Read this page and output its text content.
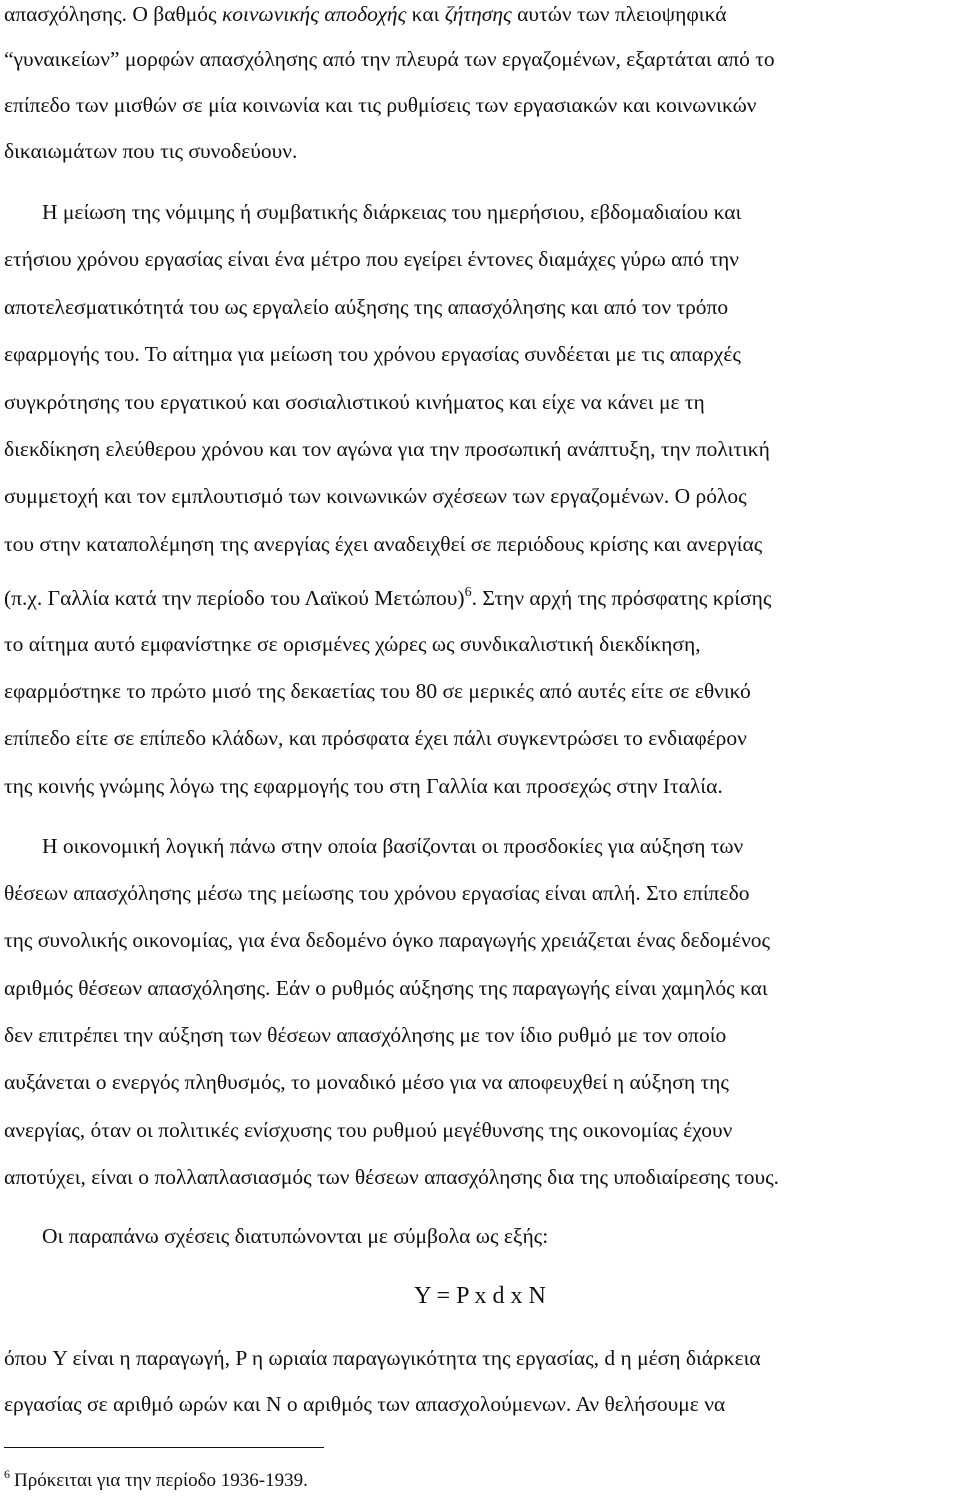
απασχόλησης. Ο βαθμός κοινωνικής αποδοχής και ζήτησης αυτών των πλειοψηφικά
“γυναικείων” μορφών απασχόλησης από την πλευρά των εργαζομένων, εξαρτάται από το
επίπεδο των μισθών σε μία κοινωνία και τις ρυθμίσεις των εργασιακών και κοινωνικών
δικαιωμάτων που τις συνοδεύουν.
Η μείωση της νόμιμης ή συμβατικής διάρκειας του ημερήσιου, εβδομαδιαίου και
ετήσιου χρόνου εργασίας είναι ένα μέτρο που εγείρει έντονες διαμάχες γύρω από την
αποτελεσματικότητά του ως εργαλείο αύξησης της απασχόλησης και από τον τρόπο
εφαρμογής του. Το αίτημα για μείωση του χρόνου εργασίας συνδέεται με τις απαρχές
συγκρότησης του εργατικού και σοσιαλιστικού κινήματος και είχε να κάνει με τη
διεκδίκηση ελεύθερου χρόνου και τον αγώνα για την προσωπική ανάπτυξη, την πολιτική
συμμετοχή και τον εμπλουτισμό των κοινωνικών σχέσεων των εργαζομένων. Ο ρόλος
του στην καταπολέμηση της ανεργίας έχει αναδειχθεί σε περιόδους κρίσης και ανεργίας
(π.χ. Γαλλία κατά την περίοδο του Λαϊκού Μετώπου)$^6$. Στην αρχή της πρόσφατης κρίσης
το αίτημα αυτό εμφανίστηκε σε ορισμένες χώρες ως συνδικαλιστική διεκδίκηση,
εφαρμόστηκε το πρώτο μισό της δεκαετίας του 80 σε μερικές από αυτές είτε σε εθνικό
επίπεδο είτε σε επίπεδο κλάδων, και πρόσφατα έχει πάλι συγκεντρώσει το ενδιαφέρον
της κοινής γνώμης λόγω της εφαρμογής του στη Γαλλία και προσεχώς στην Ιταλία.
Η οικονομική λογική πάνω στην οποία βασίζονται οι προσδοκίες για αύξηση των
θέσεων απασχόλησης μέσω της μείωσης του χρόνου εργασίας είναι απλή. Στο επίπεδο
της συνολικής οικονομίας, για ένα δεδομένο όγκο παραγωγής χρειάζεται ένας δεδομένος
αριθμός θέσεων απασχόλησης. Εάν ο ρυθμός αύξησης της παραγωγής είναι χαμηλός και
δεν επιτρέπει την αύξηση των θέσεων απασχόλησης με τον ίδιο ρυθμό με τον οποίο
αυξάνεται ο ενεργός πληθυσμός, το μοναδικό μέσο για να αποφευχθεί η αύξηση της
ανεργίας, όταν οι πολιτικές ενίσχυσης του ρυθμού μεγέθυνσης της οικονομίας έχουν
αποτύχει, είναι ο πολλαπλασιασμός των θέσεων απασχόλησης δια της υποδιαίρεσης τους.
Οι παραπάνω σχέσεις διατυπώνονται με σύμβολα ως εξής:
Y = P x d x N
όπου Y είναι η παραγωγή, P η ωριαία παραγωγικότητα της εργασίας, d η μέση διάρκεια
εργασίας σε αριθμό ωρών και N ο αριθμός των απασχολούμενων. Αν θελήσουμε να
$^6$ Πρόκειται για την περίοδο 1936-1939.
